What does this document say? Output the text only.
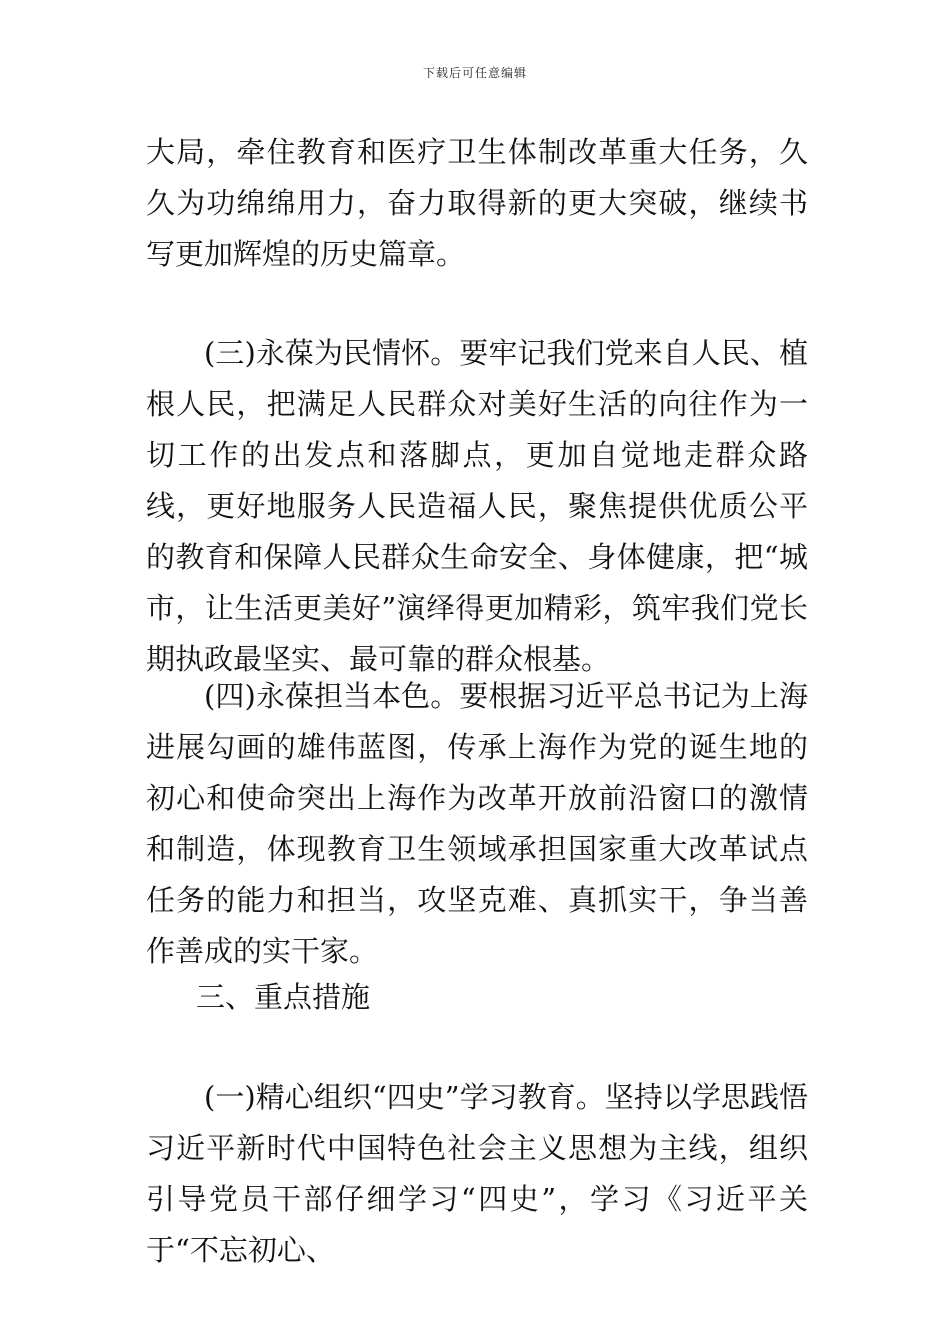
下载后可任意编辑

大局，牵住教育和医疗卫生体制改革重大任务，久久为功绵绵用力，奋力取得新的更大突破，继续书写更加辉煌的历史篇章。

(三)永葆为民情怀。要牢记我们党来自人民、植根人民，把满足人民群众对美好生活的向往作为一切工作的出发点和落脚点，更加自觉地走群众路线，更好地服务人民造福人民，聚焦提供优质公平的教育和保障人民群众生命安全、身体健康，把“城市，让生活更美好”演绎得更加精彩，筑牢我们党长期执政最坚实、最可靠的群众根基。

(四)永葆担当本色。要根据习近平总书记为上海进展勾画的雄伟蓝图，传承上海作为党的诞生地的初心和使命突出上海作为改革开放前沿窗口的激情和制造，体现教育卫生领域承担国家重大改革试点任务的能力和担当，攻坚克难、真抓实干，争当善作善成的实干家。

三、重点措施

(一)精心组织“四史”学习教育。坚持以学思践悟习近平新时代中国特色社会主义思想为主线，组织引导党员干部仔细学习“四史”，学习《习近平关于“不忘初心、
